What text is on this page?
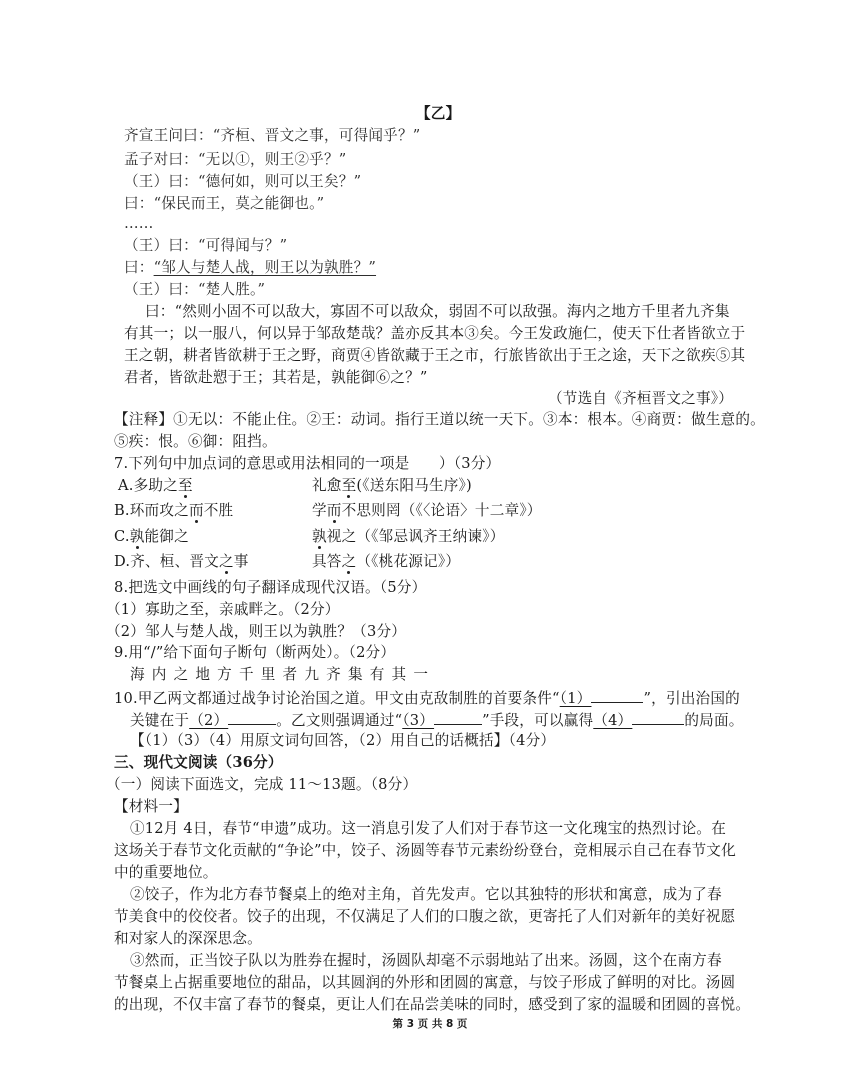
【乙】
齐宣王问曰：“齐桓、晋文之事，可得闻乎？”
孟子对曰：“无以①，则王②乎？”
（王）曰：“德何如，则可以王矣？”
曰：“保民而王，莫之能御也。”
……
（王）曰：“可得闻与？”
曰：“邹人与楚人战，则王以为孰胜？”
（王）曰：“楚人胜。”
曰：“然则小固不可以敌大，寡固不可以敌众，弱固不可以敌强。海内之地方千里者九齐集
有其一；以一服八，何以异于邹敌楚哉？盖亦反其本③矣。今王发政施仁，使天下仕者皆欲立于
王之朝，耕者皆欲耕于王之野，商贾④皆欲藏于王之市，行旅皆欲出于王之途，天下之欲疾⑤其
君者，皆欲赴愬于王；其若是，孰能御⑥之？”
（节选自《齐桓晋文之事》）
【注释】①无以：不能止住。②王：动词。指行王道以统一天下。③本：根本。④商贾：做生意的。
⑤疾：恨。⑥御：阻挡。
7.下列句中加点词的意思或用法相同的一项是　　）（3分）
A.多助之至	礼愈至(《送东阳马生序》)
B.环而攻之而不胜	学而不思则罔（《〈论语〉十二章》）
C.孰能御之	孰视之（《邹忌讽齐王纳谏》）
D.齐、桓、晋文之事	具答之（《桃花源记》）
8.把选文中画线的句子翻译成现代汉语。（5分）
（1）寡助之至，亲戚畔之。（2分）
（2）邹人与楚人战，则王以为孰胜？（3分）
9.用“/”给下面句子断句（断两处）。（2分）
海内之地方千里者九齐集有其一
10.甲乙两文都通过战争讨论治国之道。甲文由克敌制胜的首要条件“（1）	”，引出治国的
关键在于（2）	。乙文则强调通过“（3）	”手段，可以赢得（4）	的局面。
【（1）（3）（4）用原文词句回答，（2）用自己的话概括】（4分）
三、现代文阅读（36分）
（一）阅读下面选文，完成 11～13题。（8分）
【材料一】
①12月 4日，春节“申遗”成功。这一消息引发了人们对于春节这一文化瑰宝的热烈讨论。在
这场关于春节文化贡献的“争论”中，饺子、汤圆等春节元素纷纷登台，竞相展示自己在春节文化
中的重要地位。
②饺子，作为北方春节餐桌上的绝对主角，首先发声。它以其独特的形状和寓意，成为了春
节美食中的佼佼者。饺子的出现，不仅满足了人们的口腹之欲，更寄托了人们对新年的美好祝愿
和对家人的深深思念。
③然而，正当饺子队以为胜券在握时，汤圆队却毫不示弱地站了出来。汤圆，这个在南方春
节餐桌上占据重要地位的甜品，以其圆润的外形和团圆的寓意，与饺子形成了鲜明的对比。汤圆
的出现，不仅丰富了春节的餐桌，更让人们在品尝美味的同时，感受到了家的温暖和团圆的喜悦。
第 3 页 共 8 页
